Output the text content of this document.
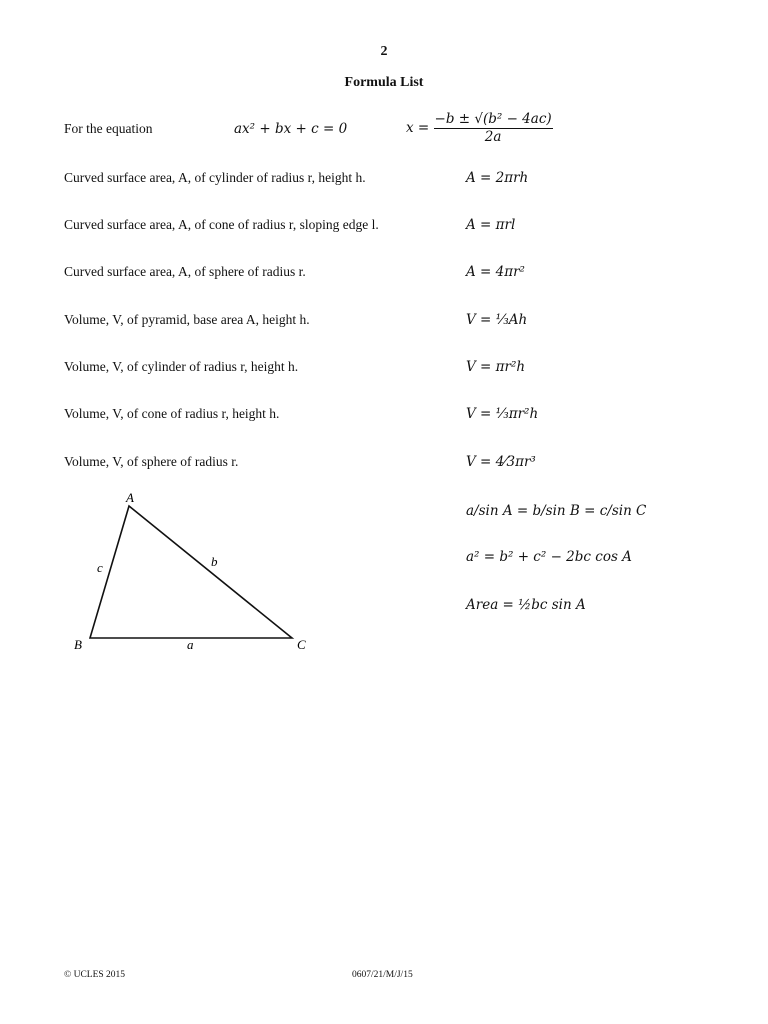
2
Formula List
For the equation	ax² + bx + c = 0	$x = \frac{\text{−b ± √(b² − 4ac)}}{2a}$
Curved surface area, A, of cylinder of radius r, height h.	A = 2πrh
Curved surface area, A, of cone of radius r, sloping edge l.	A = πrl
Curved surface area, A, of sphere of radius r.	A = 4πr²
Volume, V, of pyramid, base area A, height h.	V = ⅓Ah
Volume, V, of cylinder of radius r, height h.	V = πr²h
Volume, V, of cone of radius r, height h.	V = ⅓πr²h
Volume, V, of sphere of radius r.	V = 4⁄3πr³
A
B	C
a
b
c
a/sin A = b/sin B = c/sin C
a² = b² + c² − 2bc cos A
Area = ½bc sin A
© UCLES 2015	0607/21/M/J/15
